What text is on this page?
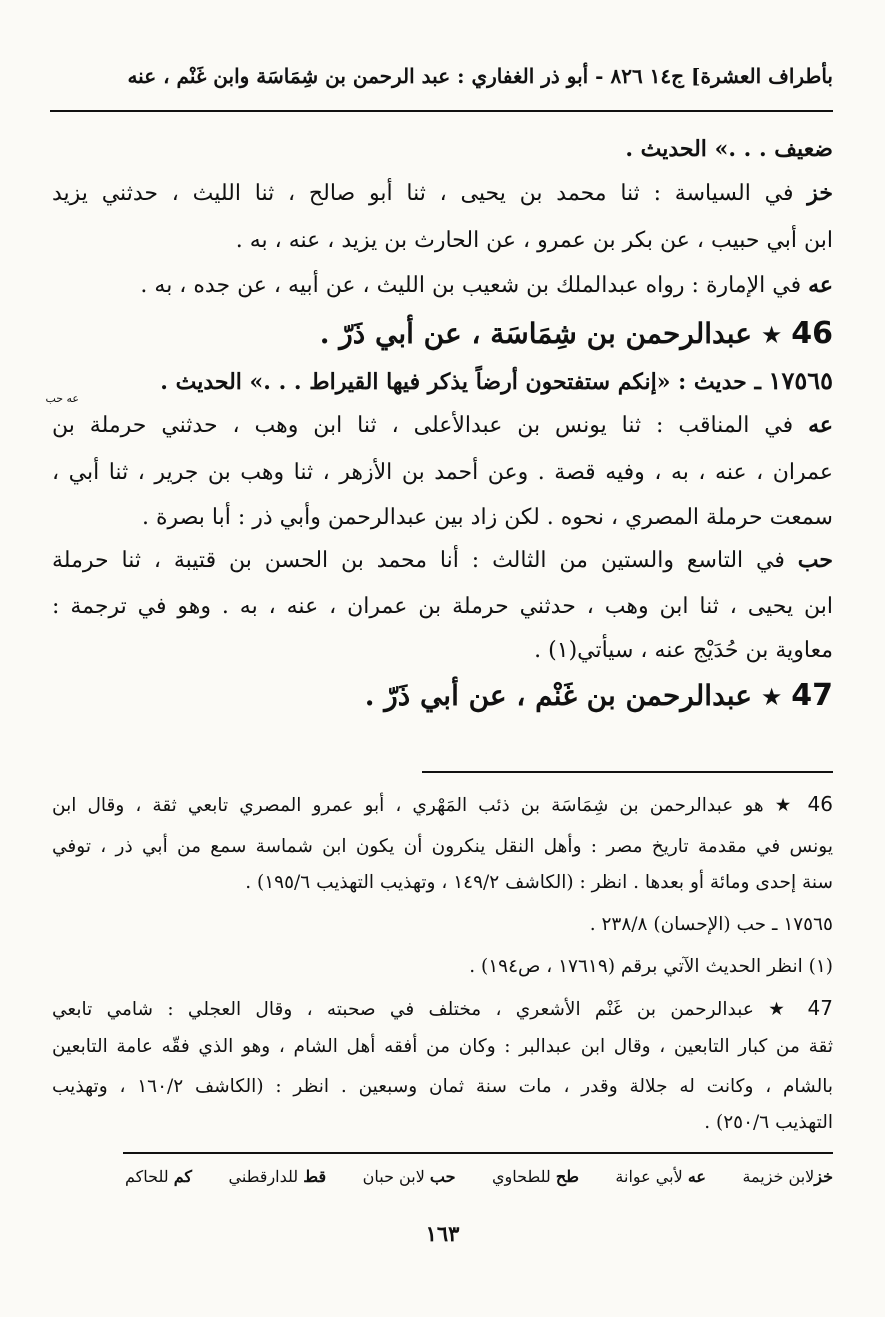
بأطراف العشرة] ج١٤ ٨٢٦ - أبو ذر الغفاري : عبد الرحمن بن شِمَاسَة وابن غَنْم ، عنه
ضعيف . . .» الحديث .
خز في السياسة : ثنا محمد بن يحيى ، ثنا أبو صالح ، ثنا الليث ، حدثني يزيد
ابن أبي حبيب ، عن بكر بن عمرو ، عن الحارث بن يزيد ، عنه ، به .
عه في الإمارة : رواه عبدالملك بن شعيب بن الليث ، عن أبيه ، عن جده ، به .
46 ★ عبدالرحمن بن شِمَاسَة ، عن أبي ذَرّ .
١٧٥٦٥ ـ حديث : «إنكم ستفتحون أرضاً يذكر فيها القيراط . . .» الحديث .
عه حب
عه في المناقب : ثنا يونس بن عبدالأعلى ، ثنا ابن وهب ، حدثني حرملة بن
عمران ، عنه ، به ، وفيه قصة . وعن أحمد بن الأزهر ، ثنا وهب بن جرير ، ثنا أبي ،
سمعت حرملة المصري ، نحوه . لكن زاد بين عبدالرحمن وأبي ذر : أبا بصرة .
حب في التاسع والستين من الثالث : أنا محمد بن الحسن بن قتيبة ، ثنا حرملة
ابن يحيى ، ثنا ابن وهب ، حدثني حرملة بن عمران ، عنه ، به . وهو في ترجمة :
معاوية بن حُدَيْج عنه ، سيأتي(١) .
47 ★ عبدالرحمن بن غَنْم ، عن أبي ذَرّ .
46 ★ هو عبدالرحمن بن شِمَاسَة بن ذئب المَهْري ، أبو عمرو المصري تابعي ثقة ، وقال ابن
يونس في مقدمة تاريخ مصر : وأهل النقل ينكرون أن يكون ابن شماسة سمع من أبي ذر ، توفي
سنة إحدى ومائة أو بعدها . انظر : (الكاشف ١٤٩/٢ ، وتهذيب التهذيب ١٩٥/٦) .
١٧٥٦٥ ـ حب (الإحسان) ٢٣٨/٨ .
(١) انظر الحديث الآتي برقم (١٧٦١٩ ، ص١٩٤) .
47 ★ عبدالرحمن بن غَنْم الأشعري ، مختلف في صحبته ، وقال العجلي : شامي تابعي
ثقة من كبار التابعين ، وقال ابن عبدالبر : وكان من أفقه أهل الشام ، وهو الذي فقّه عامة التابعين
بالشام ، وكانت له جلالة وقدر ، مات سنة ثمان وسبعين . انظر : (الكاشف ١٦٠/٢ ، وتهذيب
التهذيب ٢٥٠/٦) .
خزلابن خزيمة
عه لأبي عوانة
طح للطحاوي
حب لابن حبان
قط للدارقطني
كم للحاكم
١٦٣
